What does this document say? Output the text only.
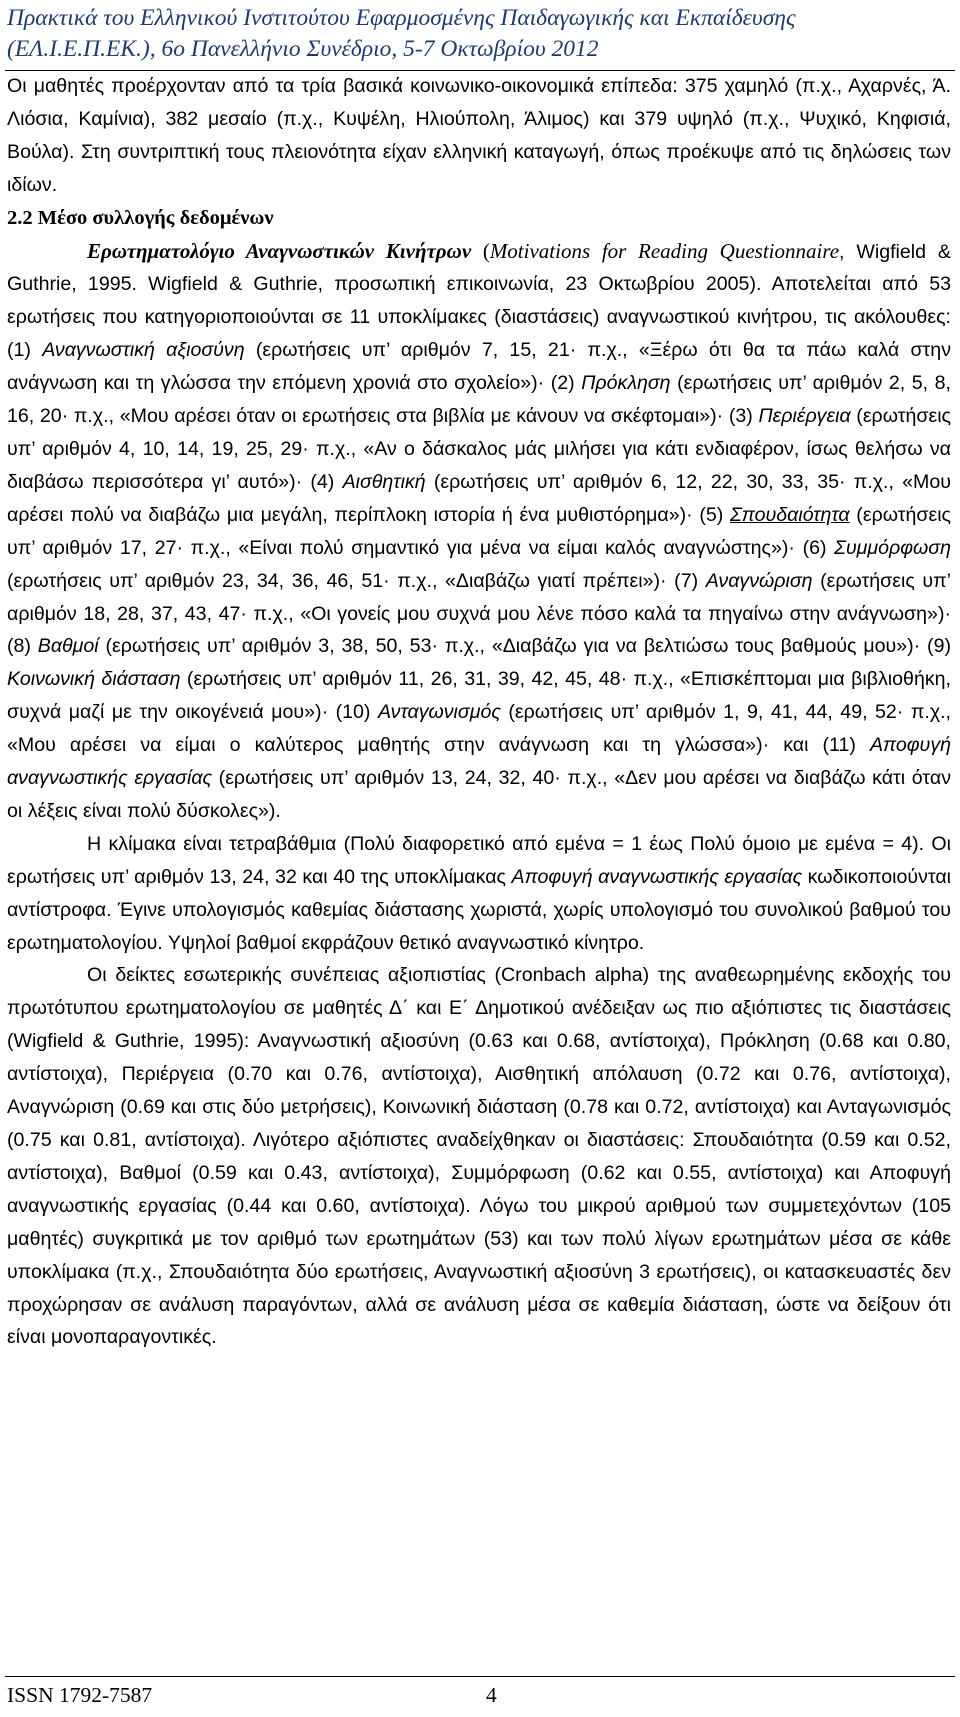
Πρακτικά του Ελληνικού Ινστιτούτου Εφαρμοσμένης Παιδαγωγικής και Εκπαίδευσης
(ΕΛ.Ι.Ε.Π.ΕΚ.), 6ο Πανελλήνιο Συνέδριο, 5-7 Οκτωβρίου 2012

Οι μαθητές προέρχονταν από τα τρία βασικά κοινωνικο-οικονομικά επίπεδα: 375 χαμηλό (π.χ., Αχαρνές, Ά. Λιόσια, Καμίνια), 382 μεσαίο (π.χ., Κυψέλη, Ηλιούπολη, Άλιμος) και 379 υψηλό (π.χ., Ψυχικό, Κηφισιά, Βούλα). Στη συντριπτική τους πλειονότητα είχαν ελληνική καταγωγή, όπως προέκυψε από τις δηλώσεις των ιδίων.

2.2 Μέσο συλλογής δεδομένων

Ερωτηματολόγιο Αναγνωστικών Κινήτρων (Motivations for Reading Questionnaire, Wigfield & Guthrie, 1995. Wigfield & Guthrie, προσωπική επικοινωνία, 23 Οκτωβρίου 2005). Αποτελείται από 53 ερωτήσεις που κατηγοριοποιούνται σε 11 υποκλίμακες (διαστάσεις) αναγνωστικού κινήτρου, τις ακόλουθες: (1) Αναγνωστική αξιοσύνη (ερωτήσεις υπ’ αριθμόν 7, 15, 21· π.χ., «Ξέρω ότι θα τα πάω καλά στην ανάγνωση και τη γλώσσα την επόμενη χρονιά στο σχολείο»)· (2) Πρόκληση (ερωτήσεις υπ’ αριθμόν 2, 5, 8, 16, 20· π.χ., «Μου αρέσει όταν οι ερωτήσεις στα βιβλία με κάνουν να σκέφτομαι»)· (3) Περιέργεια (ερωτήσεις υπ’ αριθμόν 4, 10, 14, 19, 25, 29· π.χ., «Αν ο δάσκαλος μάς μιλήσει για κάτι ενδιαφέρον, ίσως θελήσω να διαβάσω περισσότερα γι’ αυτό»)· (4) Αισθητική (ερωτήσεις υπ’ αριθμόν 6, 12, 22, 30, 33, 35· π.χ., «Μου αρέσει πολύ να διαβάζω μια μεγάλη, περίπλοκη ιστορία ή ένα μυθιστόρημα»)· (5) Σπουδαιότητα (ερωτήσεις υπ’ αριθμόν 17, 27· π.χ., «Είναι πολύ σημαντικό για μένα να είμαι καλός αναγνώστης»)· (6) Συμμόρφωση (ερωτήσεις υπ’ αριθμόν 23, 34, 36, 46, 51· π.χ., «Διαβάζω γιατί πρέπει»)· (7) Αναγνώριση (ερωτήσεις υπ’ αριθμόν 18, 28, 37, 43, 47· π.χ., «Οι γονείς μου συχνά μου λένε πόσο καλά τα πηγαίνω στην ανάγνωση»)· (8) Βαθμοί (ερωτήσεις υπ’ αριθμόν 3, 38, 50, 53· π.χ., «Διαβάζω για να βελτιώσω τους βαθμούς μου»)· (9) Κοινωνική διάσταση (ερωτήσεις υπ’ αριθμόν 11, 26, 31, 39, 42, 45, 48· π.χ., «Επισκέπτομαι μια βιβλιοθήκη, συχνά μαζί με την οικογένειά μου»)· (10) Ανταγωνισμός (ερωτήσεις υπ’ αριθμόν 1, 9, 41, 44, 49, 52· π.χ., «Μου αρέσει να είμαι ο καλύτερος μαθητής στην ανάγνωση και τη γλώσσα»)· και (11) Αποφυγή αναγνωστικής εργασίας (ερωτήσεις υπ’ αριθμόν 13, 24, 32, 40· π.χ., «Δεν μου αρέσει να διαβάζω κάτι όταν οι λέξεις είναι πολύ δύσκολες»).

Η κλίμακα είναι τετραβάθμια (Πολύ διαφορετικό από εμένα = 1 έως Πολύ όμοιο με εμένα = 4). Οι ερωτήσεις υπ’ αριθμόν 13, 24, 32 και 40 της υποκλίμακας Αποφυγή αναγνωστικής εργασίας κωδικοποιούνται αντίστροφα. Έγινε υπολογισμός καθεμίας διάστασης χωριστά, χωρίς υπολογισμό του συνολικού βαθμού του ερωτηματολογίου. Υψηλοί βαθμοί εκφράζουν θετικό αναγνωστικό κίνητρο.

Οι δείκτες εσωτερικής συνέπειας αξιοπιστίας (Cronbach alpha) της αναθεωρημένης εκδοχής του πρωτότυπου ερωτηματολογίου σε μαθητές Δ΄ και Ε΄ Δημοτικού ανέδειξαν ως πιο αξιόπιστες τις διαστάσεις (Wigfield & Guthrie, 1995): Αναγνωστική αξιοσύνη (0.63 και 0.68, αντίστοιχα), Πρόκληση (0.68 και 0.80, αντίστοιχα), Περιέργεια (0.70 και 0.76, αντίστοιχα), Αισθητική απόλαυση (0.72 και 0.76, αντίστοιχα), Αναγνώριση (0.69 και στις δύο μετρήσεις), Κοινωνική διάσταση (0.78 και 0.72, αντίστοιχα) και Ανταγωνισμός (0.75 και 0.81, αντίστοιχα). Λιγότερο αξιόπιστες αναδείχθηκαν οι διαστάσεις: Σπουδαιότητα (0.59 και 0.52, αντίστοιχα), Βαθμοί (0.59 και 0.43, αντίστοιχα), Συμμόρφωση (0.62 και 0.55, αντίστοιχα) και Αποφυγή αναγνωστικής εργασίας (0.44 και 0.60, αντίστοιχα). Λόγω του μικρού αριθμού των συμμετεχόντων (105 μαθητές) συγκριτικά με τον αριθμό των ερωτημάτων (53) και των πολύ λίγων ερωτημάτων μέσα σε κάθε υποκλίμακα (π.χ., Σπουδαιότητα δύο ερωτήσεις, Αναγνωστική αξιοσύνη 3 ερωτήσεις), οι κατασκευαστές δεν προχώρησαν σε ανάλυση παραγόντων, αλλά σε ανάλυση μέσα σε καθεμία διάσταση, ώστε να δείξουν ότι είναι μονοπαραγοντικές.

ISSN 1792-7587	4
